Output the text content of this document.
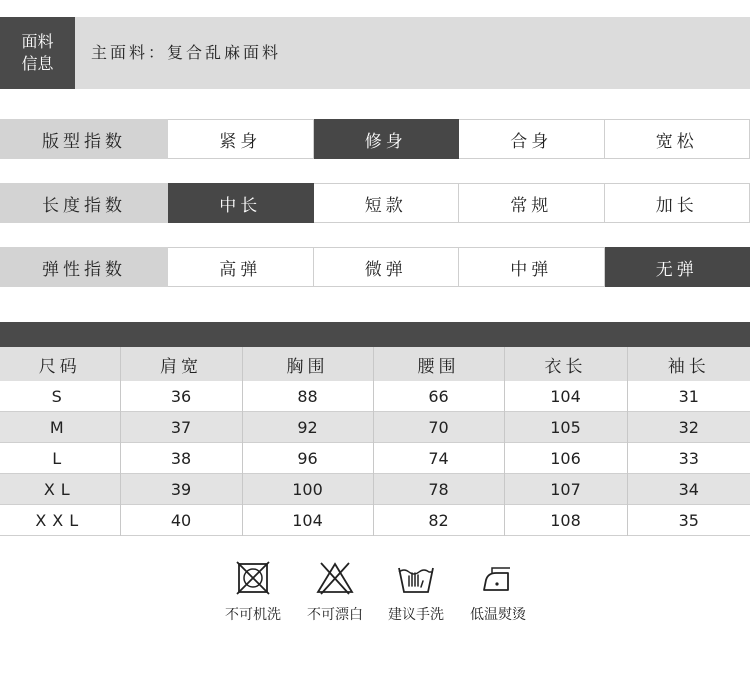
面料
信息
主面料：复合乱麻面料
版型指数	紧身	修身	合身	宽松
长度指数	中长	短款	常规	加长
弹性指数	高弹	微弹	中弹	无弹
尺码	肩宽	胸围	腰围	衣长	袖长
S	36	88	66	104	31
M	37	92	70	105	32
L	38	96	74	106	33
XL	39	100	78	107	34
XXL	40	104	82	108	35
不可机洗	不可漂白	建议手洗	低温熨烫
